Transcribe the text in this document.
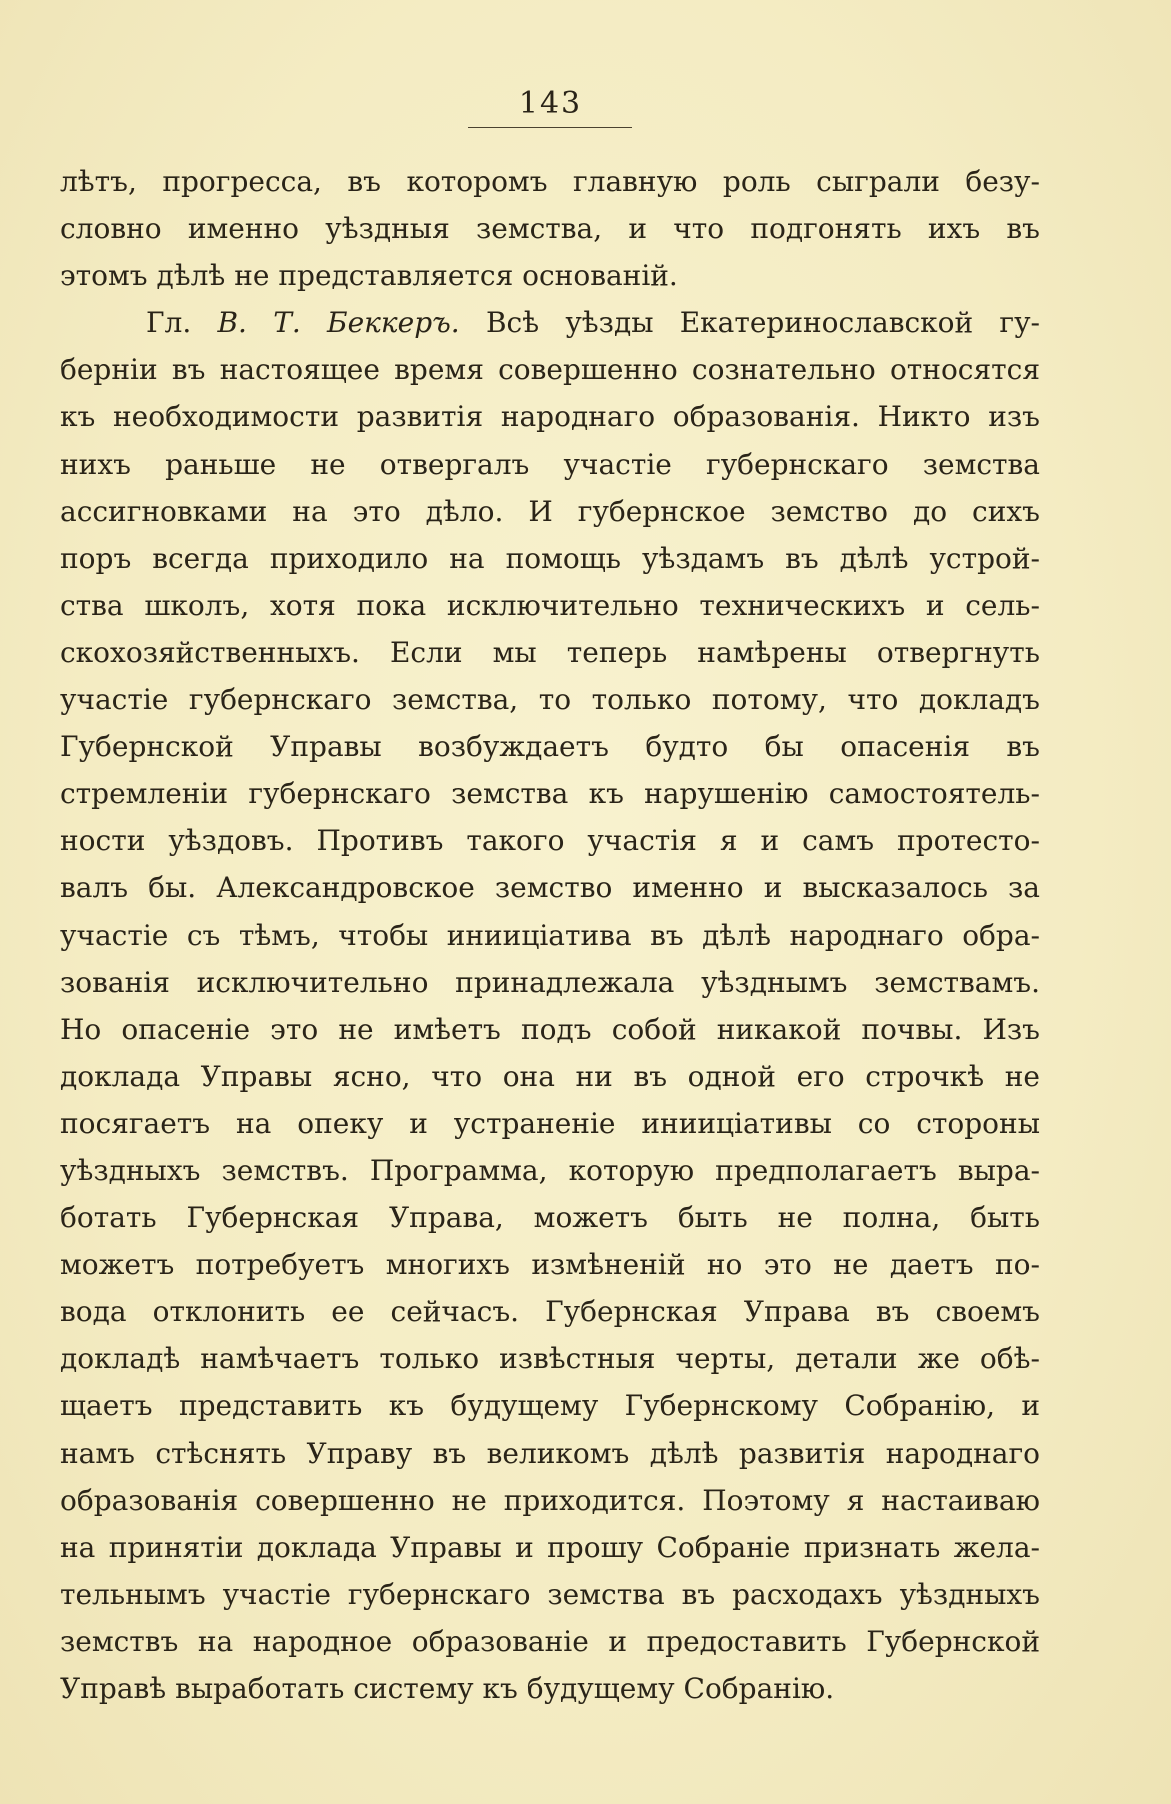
143
лѣтъ, прогресса, въ которомъ главную роль сыграли безу-
словно именно уѣздныя земства, и что подгонять ихъ въ
этомъ дѣлѣ не представляется основаній.
Гл. В. Т. Беккеръ. Всѣ уѣзды Екатеринославской гу-
берніи въ настоящее время совершенно сознательно относятся
къ необходимости развитія народнаго образованія. Никто изъ
нихъ раньше не отвергалъ участіе губернскаго земства
ассигновками на это дѣло. И губернское земство до сихъ
поръ всегда приходило на помощь уѣздамъ въ дѣлѣ устрой-
ства школъ, хотя пока исключительно техническихъ и сель-
скохозяйственныхъ. Если мы теперь намѣрены отвергнуть
участіе губернскаго земства, то только потому, что докладъ
Губернской Управы возбуждаетъ будто бы опасенія въ
стремленіи губернскаго земства къ нарушенію самостоятель-
ности уѣздовъ. Противъ такого участія я и самъ протесто-
валъ бы. Александровское земство именно и высказалось за
участіе съ тѣмъ, чтобы инииціатива въ дѣлѣ народнаго обра-
зованія исключительно принадлежала уѣзднымъ земствамъ.
Но опасеніе это не имѣетъ подъ собой никакой почвы. Изъ
доклада Управы ясно, что она ни въ одной его строчкѣ не
посягаетъ на опеку и устраненіе инииціативы со стороны
уѣздныхъ земствъ. Программа, которую предполагаетъ выра-
ботать Губернская Управа, можетъ быть не полна, быть
можетъ потребуетъ многихъ измѣненій но это не даетъ по-
вода отклонить ее сейчасъ. Губернская Управа въ своемъ
докладѣ намѣчаетъ только извѣстныя черты, детали же обѣ-
щаетъ представить къ будущему Губернскому Собранію, и
намъ стѣснять Управу въ великомъ дѣлѣ развитія народнаго
образованія совершенно не приходится. Поэтому я настаиваю
на принятіи доклада Управы и прошу Собраніе признать жела-
тельнымъ участіе губернскаго земства въ расходахъ уѣздныхъ
земствъ на народное образованіе и предоставить Губернской
Управѣ выработать систему къ будущему Собранію.
